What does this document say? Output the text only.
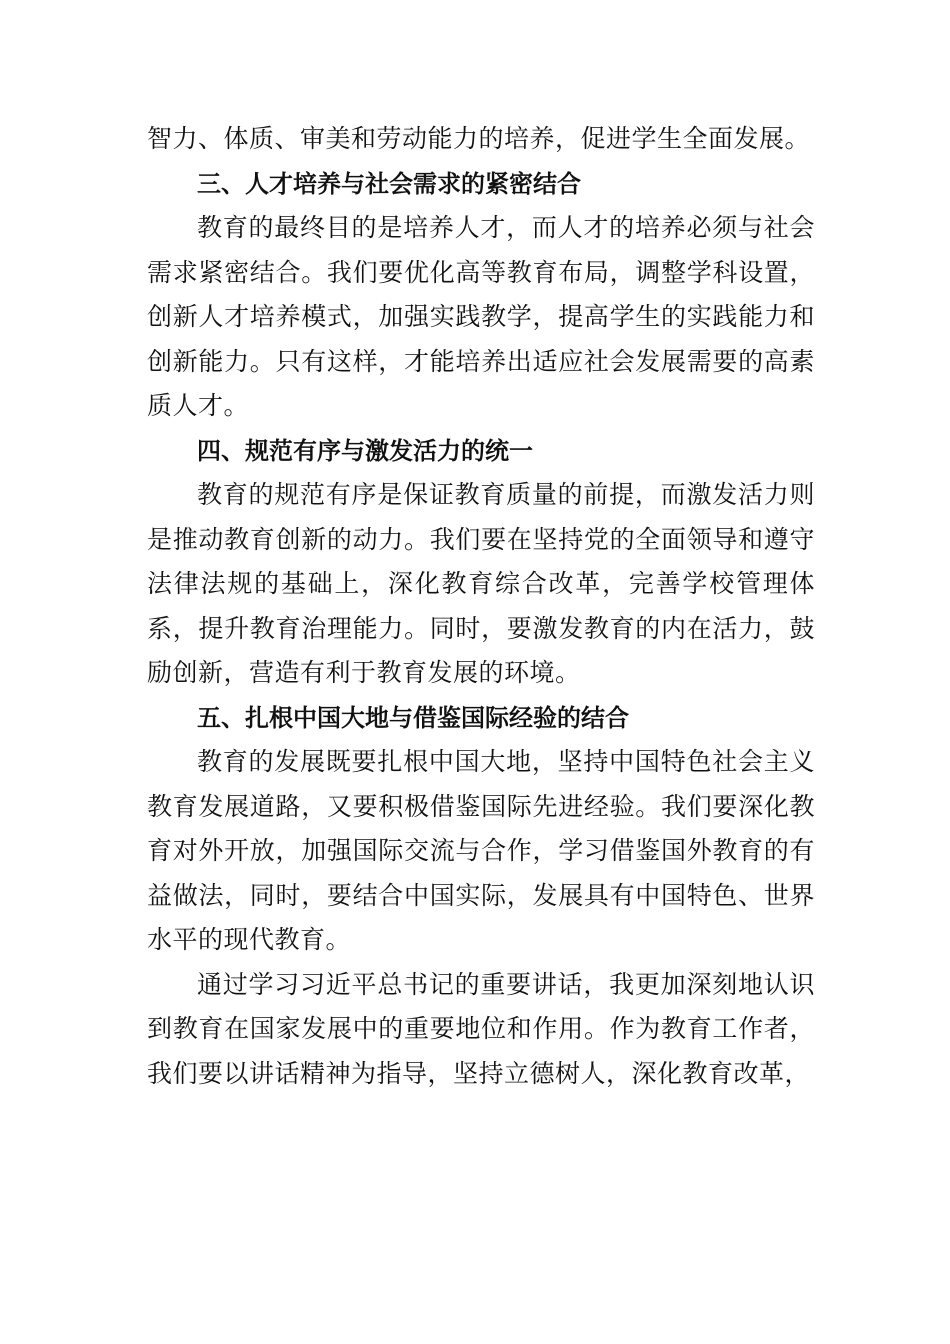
智力、体质、审美和劳动能力的培养，促进学生全面发展。

三、人才培养与社会需求的紧密结合

教育的最终目的是培养人才，而人才的培养必须与社会需求紧密结合。我们要优化高等教育布局，调整学科设置，创新人才培养模式，加强实践教学，提高学生的实践能力和创新能力。只有这样，才能培养出适应社会发展需要的高素质人才。

四、规范有序与激发活力的统一

教育的规范有序是保证教育质量的前提，而激发活力则是推动教育创新的动力。我们要在坚持党的全面领导和遵守法律法规的基础上，深化教育综合改革，完善学校管理体系，提升教育治理能力。同时，要激发教育的内在活力，鼓励创新，营造有利于教育发展的环境。

五、扎根中国大地与借鉴国际经验的结合

教育的发展既要扎根中国大地，坚持中国特色社会主义教育发展道路，又要积极借鉴国际先进经验。我们要深化教育对外开放，加强国际交流与合作，学习借鉴国外教育的有益做法，同时，要结合中国实际，发展具有中国特色、世界水平的现代教育。

通过学习习近平总书记的重要讲话，我更加深刻地认识到教育在国家发展中的重要地位和作用。作为教育工作者，我们要以讲话精神为指导，坚持立德树人，深化教育改革，
